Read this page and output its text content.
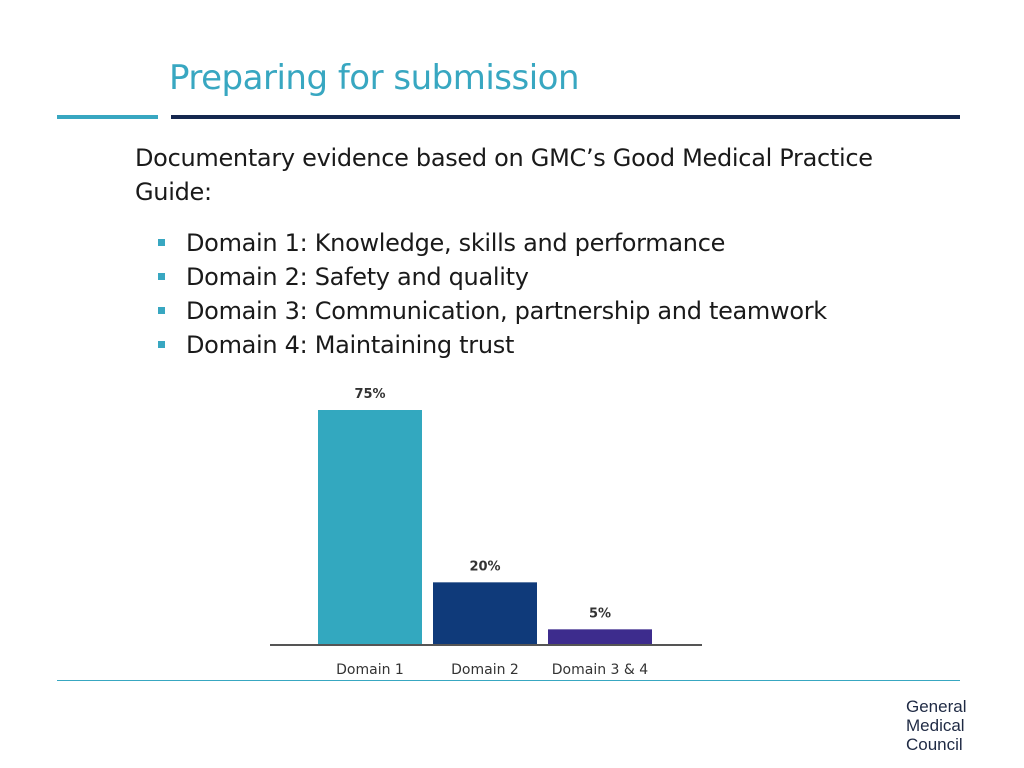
Preparing for submission
Documentary evidence based on GMC’s Good Medical Practice Guide:
Domain 1: Knowledge, skills and performance
Domain 2: Safety and quality
Domain 3: Communication, partnership and teamwork
Domain 4: Maintaining trust
75%
Domain 1
20%
Domain 2
5%
Domain 3 & 4
General
Medical
Council
